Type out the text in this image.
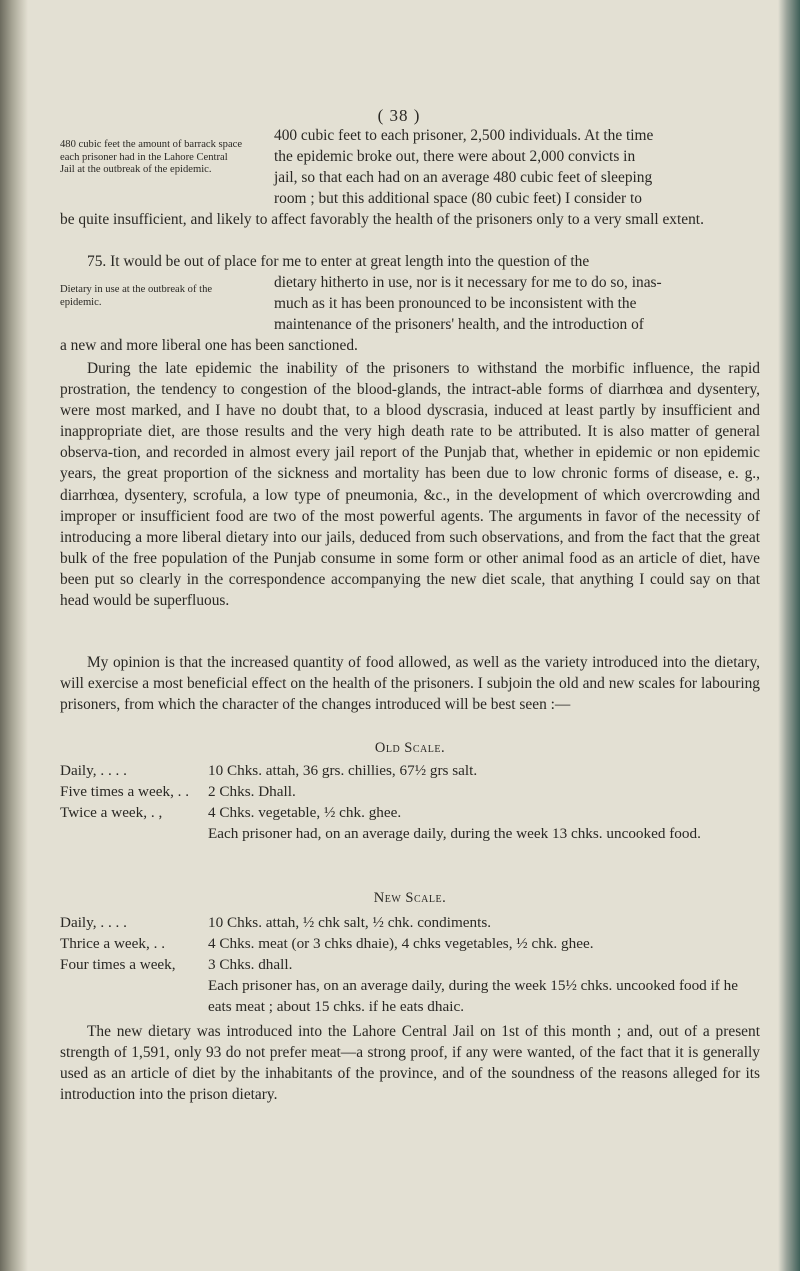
( 38 )
480 cubic feet the amount of barrack space each prisoner had in the Lahore Central Jail at the outbreak of the epidemic.
400 cubic feet to each prisoner, 2,500 individuals. At the time
the epidemic broke out, there were about 2,000 convicts in
jail, so that each had on an average 480 cubic feet of sleeping
room ; but this additional space (80 cubic feet) I consider to
be quite insufficient, and likely to affect favorably the health of the prisoners only to a very small extent.
75. It would be out of place for me to enter at great length into the question of the
Dietary in use at the outbreak of the epidemic.
dietary hitherto in use, nor is it necessary for me to do so, inas-
much as it has been pronounced to be inconsistent with the
maintenance of the prisoners' health, and the introduction of
a new and more liberal one has been sanctioned.

During the late epidemic the inability of the prisoners to withstand the morbific influence, the rapid prostration, the tendency to congestion of the blood-glands, the intract-able forms of diarrhœa and dysentery, were most marked, and I have no doubt that, to a blood dyscrasia, induced at least partly by insufficient and inappropriate diet, are those results and the very high death rate to be attributed. It is also matter of general observa-tion, and recorded in almost every jail report of the Punjab that, whether in epidemic or non epidemic years, the great proportion of the sickness and mortality has been due to low chronic forms of disease, e. g., diarrhœa, dysentery, scrofula, a low type of pneumonia, &c., in the development of which overcrowding and improper or insufficient food are two of the most powerful agents. The arguments in favor of the necessity of introducing a more liberal dietary into our jails, deduced from such observations, and from the fact that the great bulk of the free population of the Punjab consume in some form or other animal food as an article of diet, have been put so clearly in the correspondence accompanying the new diet scale, that anything I could say on that head would be superfluous.

My opinion is that the increased quantity of food allowed, as well as the variety introduced into the dietary, will exercise a most beneficial effect on the health of the prisoners. I subjoin the old and new scales for labouring prisoners, from which the character of the changes introduced will be best seen :—

Old Scale.
Daily, . . . .	10 Chks. attah, 36 grs. chillies, 67½ grs salt.
Five times a week, . .	2 Chks. Dhall.
Twice a week, . ,	4 Chks. vegetable, ½ chk. ghee.
Each prisoner had, on an average daily, during the week 13 chks. uncooked food.
New Scale.
Daily, . . . .	10 Chks. attah, ½ chk salt, ½ chk. condiments.
Thrice a week, . .	4 Chks. meat (or 3 chks dhaie), 4 chks vegetables, ½ chk. ghee.
Four times a week,	3 Chks. dhall.
Each prisoner has, on an average daily, during the week 15½ chks. uncooked food if he eats meat ; about 15 chks. if he eats dhaic.

The new dietary was introduced into the Lahore Central Jail on 1st of this month ; and, out of a present strength of 1,591, only 93 do not prefer meat—a strong proof, if any were wanted, of the fact that it is generally used as an article of diet by the inhabitants of the province, and of the soundness of the reasons alleged for its introduction into the prison dietary.
